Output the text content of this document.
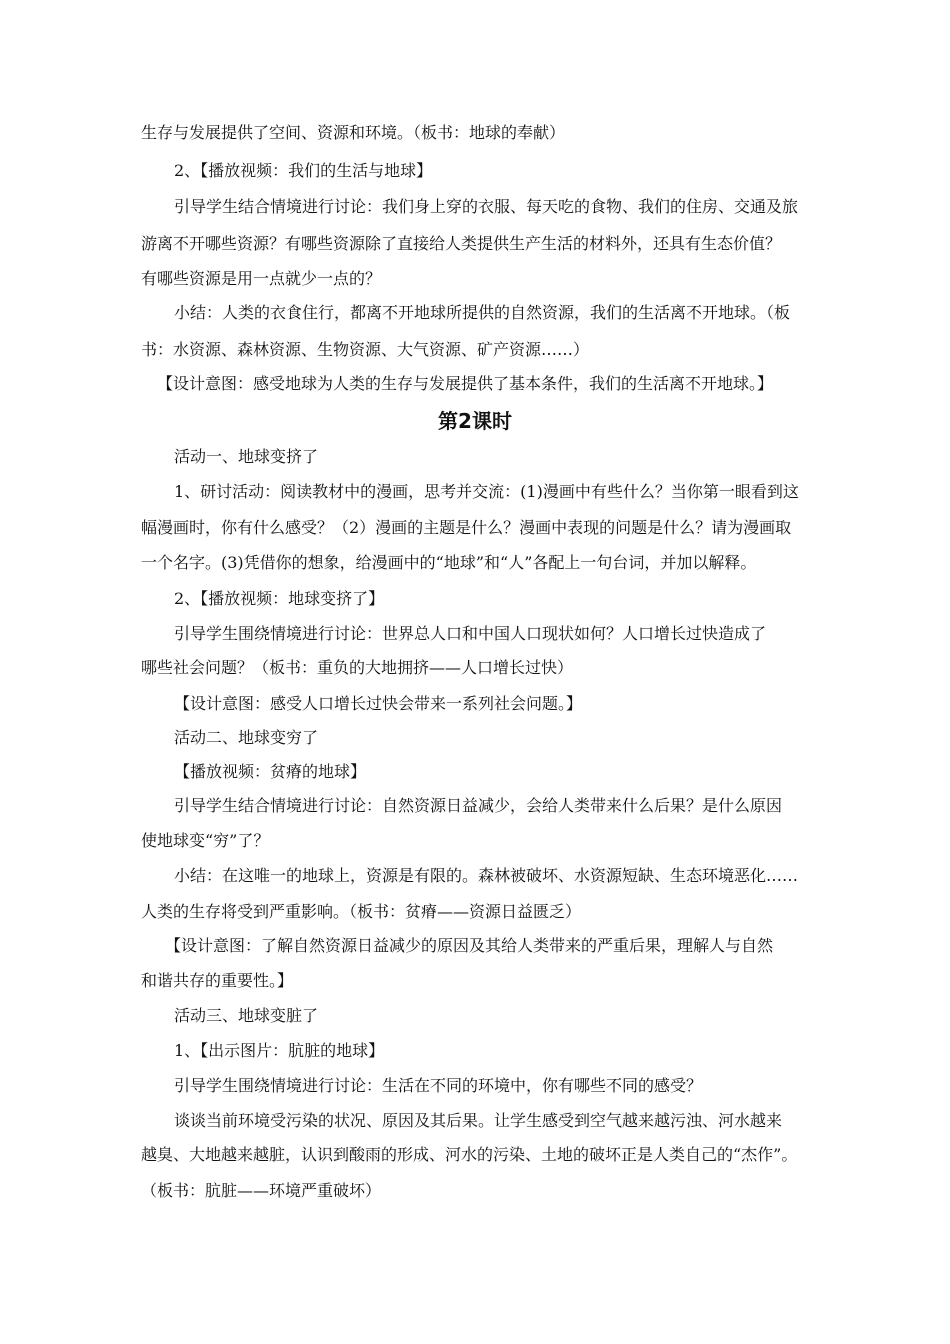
生存与发展提供了空间、资源和环境。（板书：地球的奉献）
2、【播放视频：我们的生活与地球】
引导学生结合情境进行讨论：我们身上穿的衣服、每天吃的食物、我们的住房、交通及旅
游离不开哪些资源？有哪些资源除了直接给人类提供生产生活的材料外，还具有生态价值？
有哪些资源是用一点就少一点的？
小结：人类的衣食住行，都离不开地球所提供的自然资源，我们的生活离不开地球。（板
书：水资源、森林资源、生物资源、大气资源、矿产资源……）
【设计意图：感受地球为人类的生存与发展提供了基本条件，我们的生活离不开地球。】
第2课时
活动一、地球变挤了
1、研讨活动：阅读教材中的漫画，思考并交流：(1)漫画中有些什么？当你第一眼看到这
幅漫画时，你有什么感受？（2）漫画的主题是什么？漫画中表现的问题是什么？请为漫画取
一个名字。(3)凭借你的想象，给漫画中的“地球”和“人”各配上一句台词，并加以解释。
2、【播放视频：地球变挤了】
引导学生围绕情境进行讨论：世界总人口和中国人口现状如何？人口增长过快造成了
哪些社会问题？（板书：重负的大地拥挤——人口增长过快）
【设计意图：感受人口增长过快会带来一系列社会问题。】
活动二、地球变穷了
【播放视频：贫瘠的地球】
引导学生结合情境进行讨论：自然资源日益减少，会给人类带来什么后果？是什么原因
使地球变“穷”了？
小结：在这唯一的地球上，资源是有限的。森林被破坏、水资源短缺、生态环境恶化……
人类的生存将受到严重影响。（板书：贫瘠——资源日益匮乏）
【设计意图：了解自然资源日益减少的原因及其给人类带来的严重后果，理解人与自然
和谐共存的重要性。】
活动三、地球变脏了
1、【出示图片：肮脏的地球】
引导学生围绕情境进行讨论：生活在不同的环境中，你有哪些不同的感受？
谈谈当前环境受污染的状况、原因及其后果。让学生感受到空气越来越污浊、河水越来
越臭、大地越来越脏，认识到酸雨的形成、河水的污染、土地的破坏正是人类自己的“杰作”。
（板书：肮脏——环境严重破坏）
